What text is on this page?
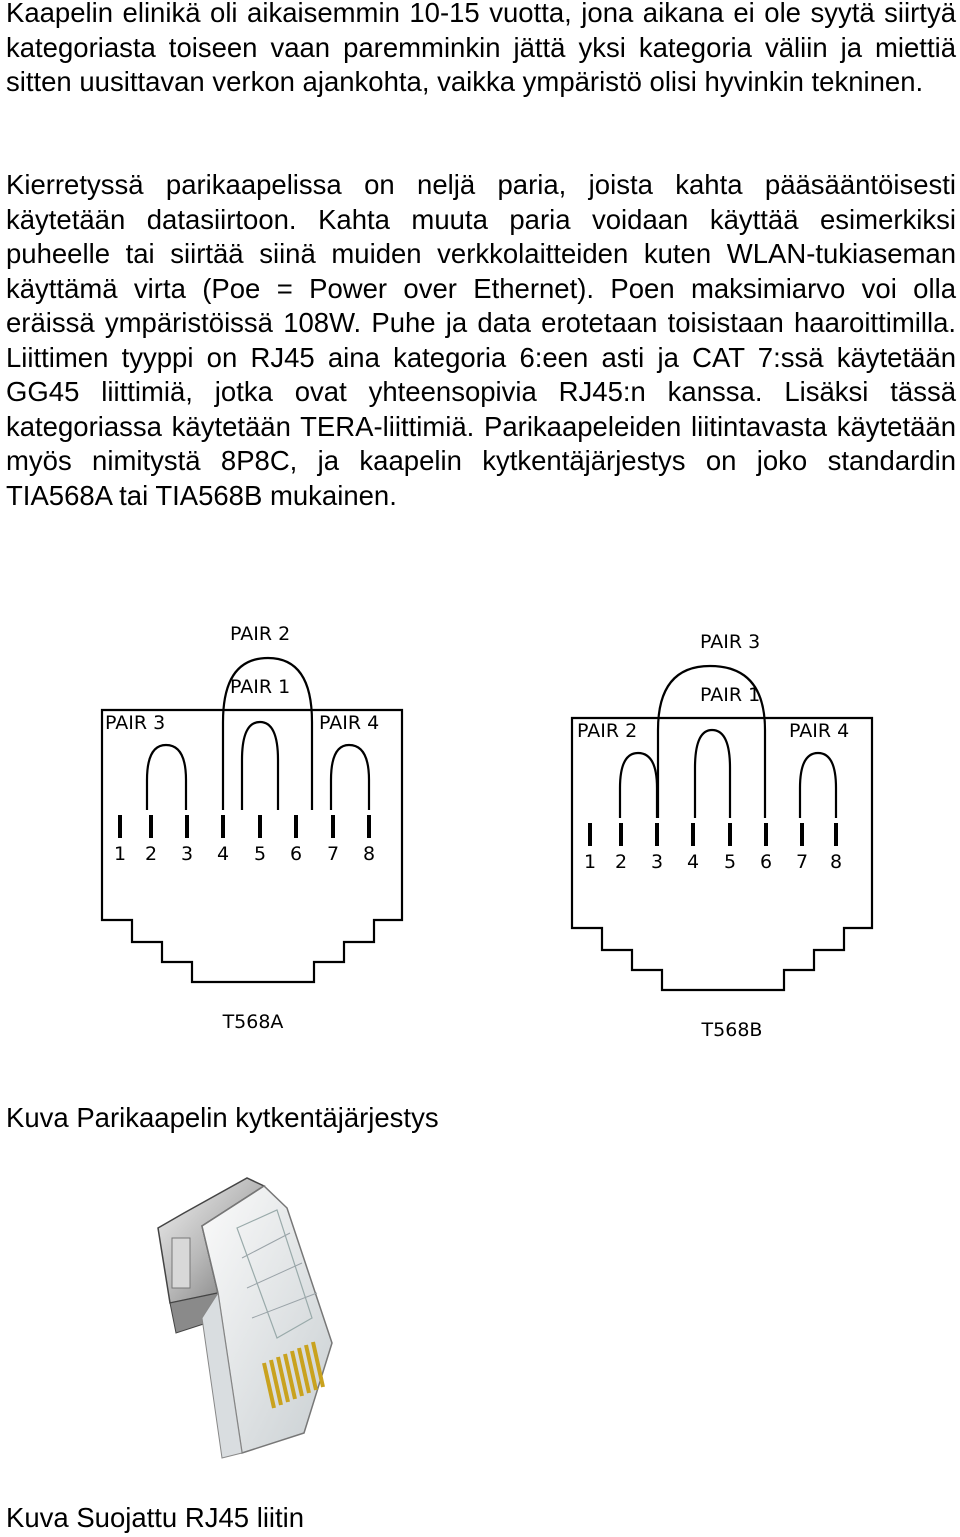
Kaapelin elinikä oli aikaisemmin 10-15 vuotta, jona aikana ei ole syytä siirtyä kategoriasta toiseen vaan paremminkin jättä yksi kategoria väliin ja miettiä sitten uusittavan verkon ajankohta, vaikka ympäristö olisi hyvinkin tekninen.

Kierretyssä parikaapelissa on neljä paria, joista kahta pääsääntöisesti käytetään datasiirtoon. Kahta muuta paria voidaan käyttää esimerkiksi puheelle tai siirtää siinä muiden verkkolaitteiden kuten WLAN-tukiaseman käyttämä virta (Poe = Power over Ethernet). Poen maksimiarvo voi olla eräissä ympäristöissä 108W. Puhe ja data erotetaan toisistaan haaroittimilla. Liittimen tyyppi on RJ45 aina kategoria 6:een asti ja CAT 7:ssä käytetään GG45 liittimiä, jotka ovat yhteensopivia RJ45:n kanssa. Lisäksi tässä kategoriassa käytetään TERA-liittimiä. Parikaapeleiden liitintavasta käytetään myös nimitystä 8P8C, ja kaapelin kytkentäjärjestys on joko standardin TIA568A tai TIA568B mukainen.

PAIR 2
PAIR 1
PAIR 3	PAIR 4
1 2 3 4 5 6 7 8
T568A
PAIR 3
PAIR 1
PAIR 2	PAIR 4
1 2 3 4 5 6 7 8
T568B

Kuva Parikaapelin kytkentäjärjestys

Kuva Suojattu RJ45 liitin
